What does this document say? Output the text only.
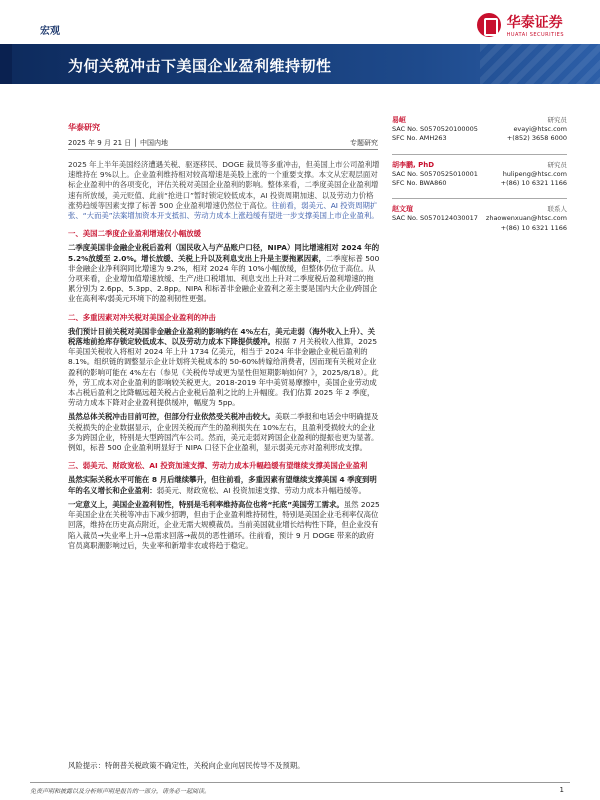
宏观
华泰证券
HUATAI SECURITIES
为何关税冲击下美国企业盈利维持韧性
华泰研究
2025 年 9 月 21 日 │ 中国内地	专题研究
2025 年上半年美国经济遭遇关税、驱逐移民、DOGE 裁员等多重冲击，但美国上市公司盈利增速维持在 9%以上。企业盈利维持相对较高增速是美股上涨的一个重要支撑。本文从宏观层面对标企业盈利中的各项变化，评估关税对美国企业盈利的影响。整体来看，二季度美国企业盈利增速有所放缓，美元贬值、此前“抢进口”暂时锁定较低成本，AI 投资周期加速、以及劳动力价格涨势趋缓等因素支撑了标普 500 企业盈利增速仍然位于高位。往前看，弱美元、AI 投资周期扩张、“大而美”法案增加资本开支抵扣、劳动力成本上涨趋缓有望进一步支撑美国上市企业盈利。
一、美国二季度企业盈利增速仅小幅放缓
二季度美国非金融企业税后盈利（国民收入与产品账户口径，NIPA）同比增速相对 2024 年的 5.2%放缓至 2.0%。增长放缓、关税上升以及利息支出上升是主要拖累因素，二季度标普 500 非金融企业净利润同比增速为 9.2%，相对 2024 年的 10%小幅放缓，但整体仍位于高位。从分项来看，企业增加值增速放缓、生产/进口税增加、利息支出上升对二季度税后盈利增速的拖累分别为 2.6pp、5.3pp、2.8pp。NIPA 和标普非金融企业盈利之差主要是国内大企业/跨国企业在高利率/弱美元环境下的盈利韧性更强。
二、多重因素对冲关税对美国企业盈利的冲击
我们预计目前关税对美国非金融企业盈利的影响约在 4%左右，美元走弱（海外收入上升）、关税落地前抢库存锁定较低成本、以及劳动力成本下降提供缓冲。根据 7 月关税收入推算，2025 年美国关税收入将相对 2024 年上升 1734 亿美元，相当于 2024 年非金融企业税后盈利的 8.1%。组织链的调整显示企业计划将关税成本的 50-60%转嫁给消费者，因而现有关税对企业盈利的影响可能在 4%左右（参见《关税传导或更为显性但短期影响如何？》，2025/8/18）。此外，劳工成本对企业盈利的影响较关税更大。2018-2019 年中美贸易摩擦中，美国企业劳动成本占税后盈利之比降幅远超关税占企业税后盈利之比的上升幅度。我们估算 2025 年 2 季度，劳动力成本下降对企业盈利提供缓冲，幅度为 5pp。
虽然总体关税冲击目前可控，但部分行业依然受关税冲击较大。美联二季报和电话会中明确提及关税损失的企业数据显示，企业因关税而产生的盈利损失在 10%左右，且盈利受损较大的企业多为跨国企业，特别是大型跨国汽车公司。然而，美元走弱对跨国企业盈利的提振也更为显著。例如，标普 500 企业盈利明显好于 NIPA 口径下企业盈利，显示弱美元亦对盈利形成支撑。
三、弱美元、财政宽松、AI 投资加速支撑、劳动力成本升幅趋缓有望继续支撑美国企业盈利
虽然实际关税水平可能在 8 月后继续攀升，但往前看，多重因素有望继续支撑美国 4 季度到明年的名义增长和企业盈利：弱美元、财政宽松、AI 投资加速支撑、劳动力成本升幅趋缓等。
一定意义上，美国企业盈利韧性，特别是毛利率维持高位也将“托底”美国劳工需求。虽然 2025 年美国企业在关税等冲击下减少招聘，但由于企业盈利维持韧性，特别是美国企业毛利率仅高位回落，维持在历史高点附近，企业无需大规模裁员。当前美国就业增长结构性下降，但企业没有陷入裁员→失业率上升→总需求回落→裁员的恶性循环。往前看，预计 9 月 DOGE 带来的政府官员离职潮影响过后，失业率和新增非农或将趋于稳定。
易峘	研究员
SAC No. S0570520100005	evayi@htsc.com
SFC No. AMH263	+(852) 3658 6000
胡李鹏, PhD	研究员
SAC No. S0570525010001	hulipeng@htsc.com
SFC No. BWA860	+(86) 10 6321 1166
赵文瑄	联系人
SAC No. S0570124030017 zhaowenxuan@htsc.com
+(86) 10 6321 1166
风险提示：特朗普关税政策不确定性，关税向企业向居民传导不及预期。
免责声明和披露以及分析师声明是报告的一部分，请务必一起阅读。	1
